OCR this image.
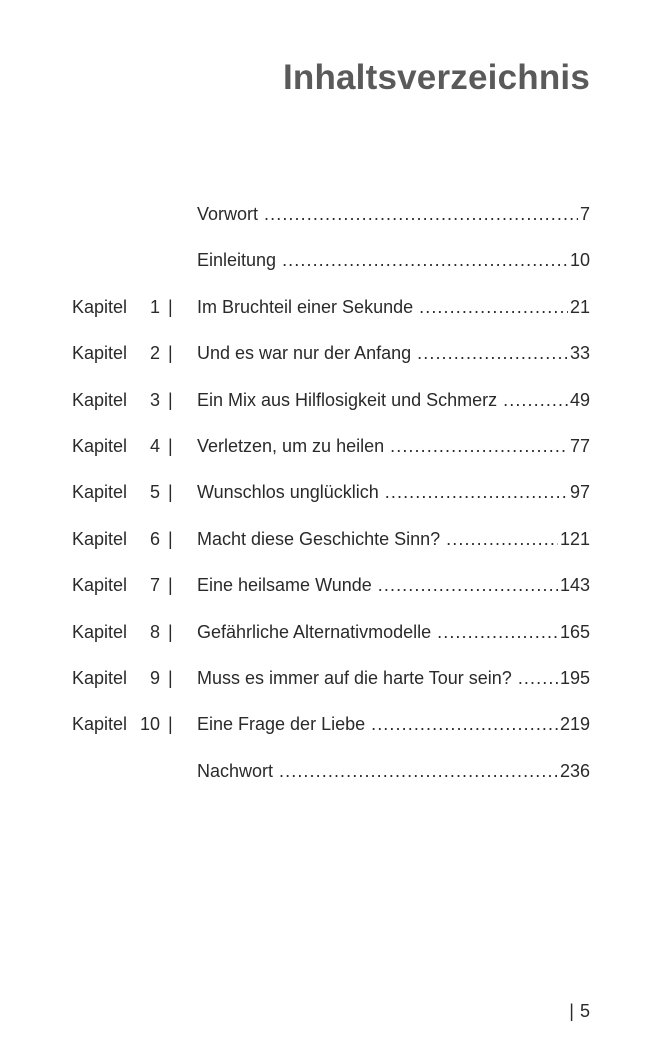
Inhaltsverzeichnis
Vorwort .....	7
Einleitung .....	10
Kapitel 1 | Im Bruchteil einer Sekunde .....	21
Kapitel 2 | Und es war nur der Anfang .....	33
Kapitel 3 | Ein Mix aus Hilflosigkeit und Schmerz .....	49
Kapitel 4 | Verletzen, um zu heilen .....	77
Kapitel 5 | Wunschlos unglücklich .....	97
Kapitel 6 | Macht diese Geschichte Sinn? .....	121
Kapitel 7 | Eine heilsame Wunde .....	143
Kapitel 8 | Gefährliche Alternativmodelle .....	165
Kapitel 9 | Muss es immer auf die harte Tour sein? .....	195
Kapitel 10 | Eine Frage der Liebe .....	219
Nachwort .....	236
| 5
